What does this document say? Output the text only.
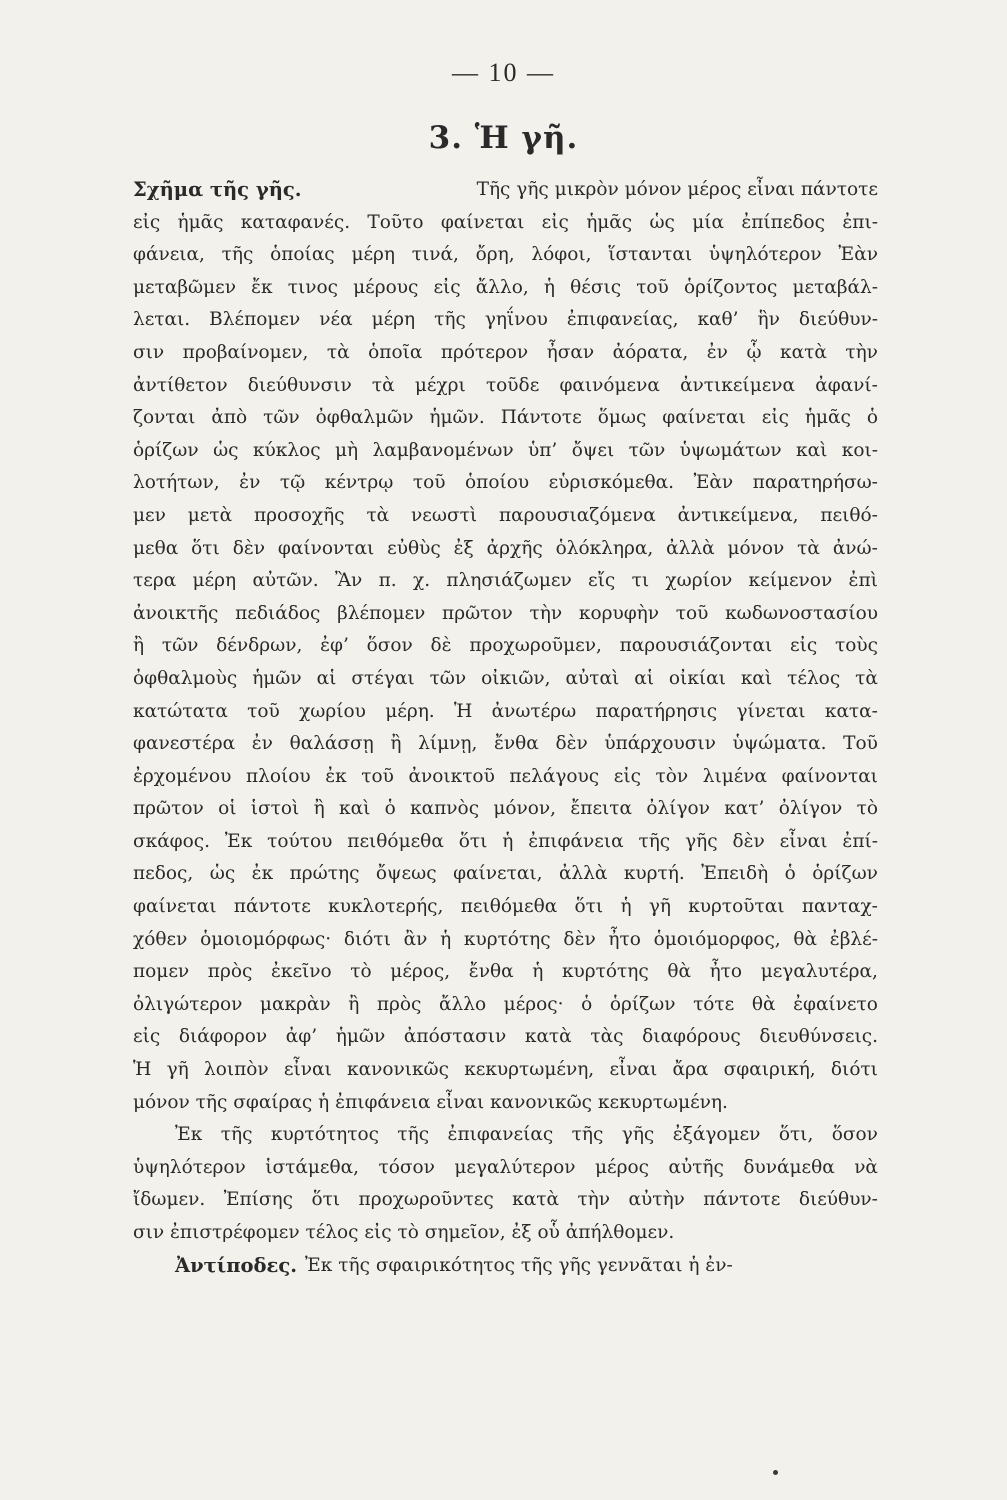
— 10 —
3. Ἡ γῆ.
Σχῆμα τῆς γῆς.	Τῆς γῆς μικρὸν μόνον μέρος εἶναι πάντοτε
εἰς ἡμᾶς καταφανές. Τοῦτο φαίνεται εἰς ἡμᾶς ὡς μία ἐπίπεδος ἐπι-
φάνεια, τῆς ὁποίας μέρη τινά, ὄρη, λόφοι, ἵστανται ὑψηλότερον Ἐὰν
μεταβῶμεν ἔκ τινος μέρους εἰς ἄλλο, ἡ θέσις τοῦ ὁρίζοντος μεταβάλ-
λεται. Βλέπομεν νέα μέρη τῆς γηΐνου ἐπιφανείας, καθ’ ἣν διεύθυν-
σιν προβαίνομεν, τὰ ὁποῖα πρότερον ἦσαν ἀόρατα, ἐν ᾧ κατὰ τὴν
ἀντίθετον διεύθυνσιν τὰ μέχρι τοῦδε φαινόμενα ἀντικείμενα ἀφανί-
ζονται ἀπὸ τῶν ὀφθαλμῶν ἡμῶν. Πάντοτε ὅμως φαίνεται εἰς ἡμᾶς ὁ
ὁρίζων ὡς κύκλος μὴ λαμβανομένων ὑπ’ ὄψει τῶν ὑψωμάτων καὶ κοι-
λοτήτων, ἐν τῷ κέντρῳ τοῦ ὁποίου εὑρισκόμεθα. Ἐὰν παρατηρήσω-
μεν μετὰ προσοχῆς τὰ νεωστὶ παρουσιαζόμενα ἀντικείμενα, πειθό-
μεθα ὅτι δὲν φαίνονται εὐθὺς ἐξ ἀρχῆς ὁλόκληρα, ἀλλὰ μόνον τὰ ἀνώ-
τερα μέρη αὐτῶν. Ἂν π. χ. πλησιάζωμεν εἴς τι χωρίον κείμενον ἐπὶ
ἀνοικτῆς πεδιάδος βλέπομεν πρῶτον τὴν κορυφὴν τοῦ κωδωνοστασίου
ἢ τῶν δένδρων, ἐφ’ ὅσον δὲ προχωροῦμεν, παρουσιάζονται εἰς τοὺς
ὀφθαλμοὺς ἡμῶν αἱ στέγαι τῶν οἰκιῶν, αὐταὶ αἱ οἰκίαι καὶ τέλος τὰ
κατώτατα τοῦ χωρίου μέρη. Ἡ ἀνωτέρω παρατήρησις γίνεται κατα-
φανεστέρα ἐν θαλάσσῃ ἢ λίμνῃ, ἔνθα δὲν ὑπάρχουσιν ὑψώματα. Τοῦ
ἐρχομένου πλοίου ἐκ τοῦ ἀνοικτοῦ πελάγους εἰς τὸν λιμένα φαίνονται
πρῶτον οἱ ἱστοὶ ἢ καὶ ὁ καπνὸς μόνον, ἔπειτα ὀλίγον κατ’ ὀλίγον τὸ
σκάφος. Ἐκ τούτου πειθόμεθα ὅτι ἡ ἐπιφάνεια τῆς γῆς δὲν εἶναι ἐπί-
πεδος, ὡς ἐκ πρώτης ὄψεως φαίνεται, ἀλλὰ κυρτή. Ἐπειδὴ ὁ ὁρίζων
φαίνεται πάντοτε κυκλοτερής, πειθόμεθα ὅτι ἡ γῆ κυρτοῦται πανταχ-
χόθεν ὁμοιομόρφως· διότι ἂν ἡ κυρτότης δὲν ἦτο ὁμοιόμορφος, θὰ ἐβλέ-
πομεν πρὸς ἐκεῖνο τὸ μέρος, ἔνθα ἡ κυρτότης θὰ ἦτο μεγαλυτέρα,
ὀλιγώτερον μακρὰν ἢ πρὸς ἄλλο μέρος· ὁ ὁρίζων τότε θὰ ἐφαίνετο
εἰς διάφορον ἀφ’ ἡμῶν ἀπόστασιν κατὰ τὰς διαφόρους διευθύνσεις.
Ἡ γῆ λοιπὸν εἶναι κανονικῶς κεκυρτωμένη, εἶναι ἄρα σφαιρική, διότι
μόνον τῆς σφαίρας ἡ ἐπιφάνεια εἶναι κανονικῶς κεκυρτωμένη.
Ἐκ τῆς κυρτότητος τῆς ἐπιφανείας τῆς γῆς ἐξάγομεν ὅτι, ὅσον
ὑψηλότερον ἱστάμεθα, τόσον μεγαλύτερον μέρος αὐτῆς δυνάμεθα νὰ
ἴδωμεν. Ἐπίσης ὅτι προχωροῦντες κατὰ τὴν αὐτὴν πάντοτε διεύθυν-
σιν ἐπιστρέφομεν τέλος εἰς τὸ σημεῖον, ἐξ οὗ ἀπήλθομεν.
Ἀντίποδες. Ἐκ τῆς σφαιρικότητος τῆς γῆς γεννᾶται ἡ ἐν-
